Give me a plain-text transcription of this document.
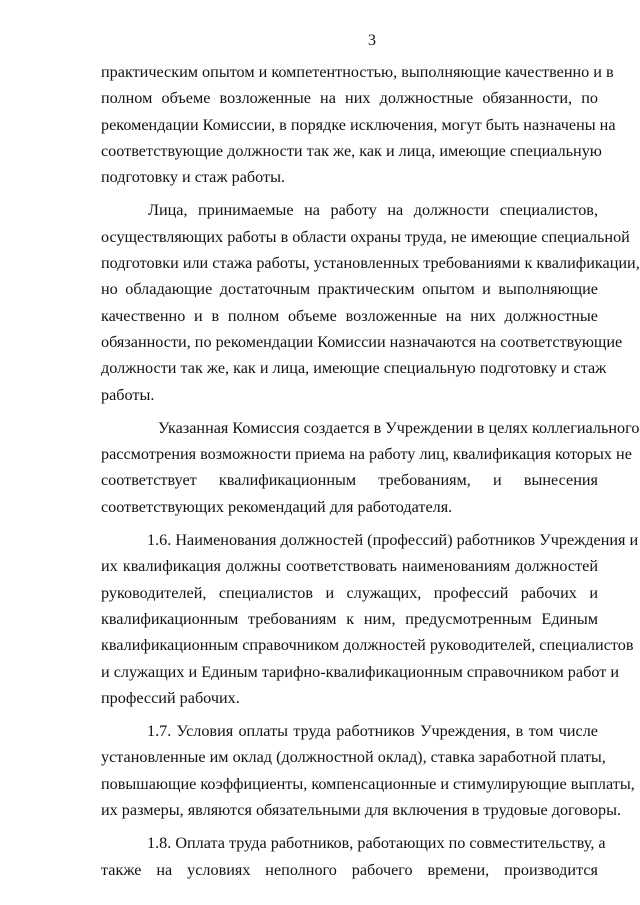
3
практическим опытом и компетентностью, выполняющие качественно и в
полном объеме возложенные на них должностные обязанности, по
рекомендации Комиссии, в порядке исключения, могут быть назначены на
соответствующие должности так же, как и лица, имеющие специальную
подготовку и стаж работы.
Лица, принимаемые на работу на должности специалистов,
осуществляющих работы в области охраны труда, не имеющие специальной
подготовки или стажа работы, установленных требованиями к квалификации,
но обладающие достаточным практическим опытом и выполняющие
качественно и в полном объеме возложенные на них должностные
обязанности, по рекомендации Комиссии назначаются на соответствующие
должности так же, как и лица, имеющие специальную подготовку и стаж
работы.
Указанная Комиссия создается в Учреждении в целях коллегиального
рассмотрения возможности приема на работу лиц, квалификация которых не
соответствует квалификационным требованиям, и вынесения
соответствующих рекомендаций для работодателя.
1.6. Наименования должностей (профессий) работников Учреждения и
их квалификация должны соответствовать наименованиям должностей
руководителей, специалистов и служащих, профессий рабочих и
квалификационным требованиям к ним, предусмотренным Единым
квалификационным справочником должностей руководителей, специалистов
и служащих и Единым тарифно-квалификационным справочником работ и
профессий рабочих.
1.7. Условия оплаты труда работников Учреждения, в том числе
установленные им оклад (должностной оклад), ставка заработной платы,
повышающие коэффициенты, компенсационные и стимулирующие выплаты,
их размеры, являются обязательными для включения в трудовые договоры.
1.8. Оплата труда работников, работающих по совместительству, а
также на условиях неполного рабочего времени, производится
